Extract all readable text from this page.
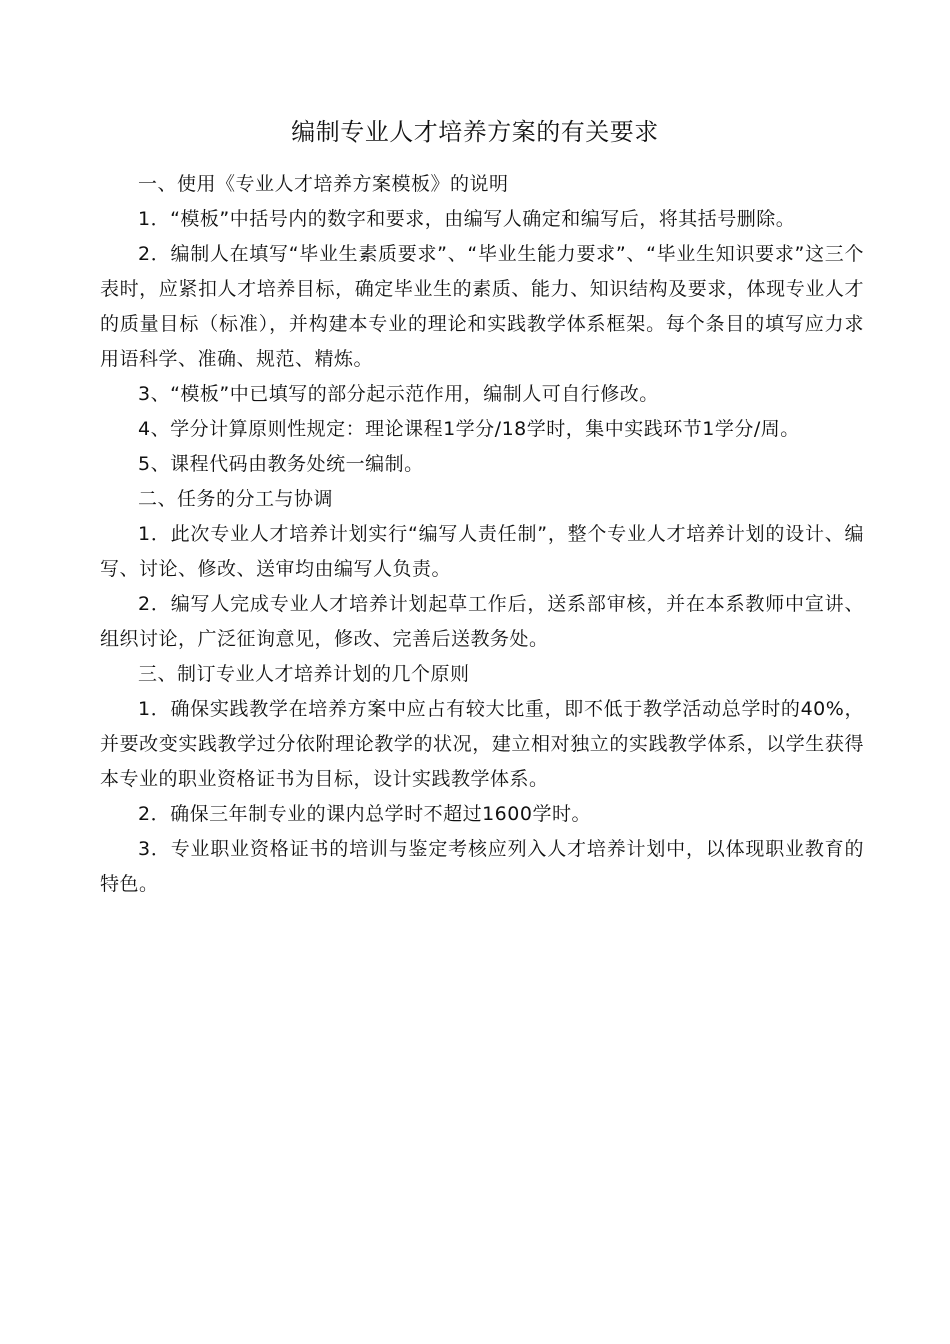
编制专业人才培养方案的有关要求

一、使用《专业人才培养方案模板》的说明

1．“模板”中括号内的数字和要求，由编写人确定和编写后，将其括号删除。

2．编制人在填写“毕业生素质要求”、“毕业生能力要求”、“毕业生知识要求”这三个表时，应紧扣人才培养目标，确定毕业生的素质、能力、知识结构及要求，体现专业人才的质量目标（标准），并构建本专业的理论和实践教学体系框架。每个条目的填写应力求用语科学、准确、规范、精炼。

3、“模板”中已填写的部分起示范作用，编制人可自行修改。

4、学分计算原则性规定：理论课程1学分/18学时，集中实践环节1学分/周。

5、课程代码由教务处统一编制。

二、任务的分工与协调

1．此次专业人才培养计划实行“编写人责任制”，整个专业人才培养计划的设计、编写、讨论、修改、送审均由编写人负责。

2．编写人完成专业人才培养计划起草工作后，送系部审核，并在本系教师中宣讲、组织讨论，广泛征询意见，修改、完善后送教务处。

三、制订专业人才培养计划的几个原则

1．确保实践教学在培养方案中应占有较大比重，即不低于教学活动总学时的40%，并要改变实践教学过分依附理论教学的状况，建立相对独立的实践教学体系，以学生获得本专业的职业资格证书为目标，设计实践教学体系。

2．确保三年制专业的课内总学时不超过1600学时。

3．专业职业资格证书的培训与鉴定考核应列入人才培养计划中，以体现职业教育的特色。
